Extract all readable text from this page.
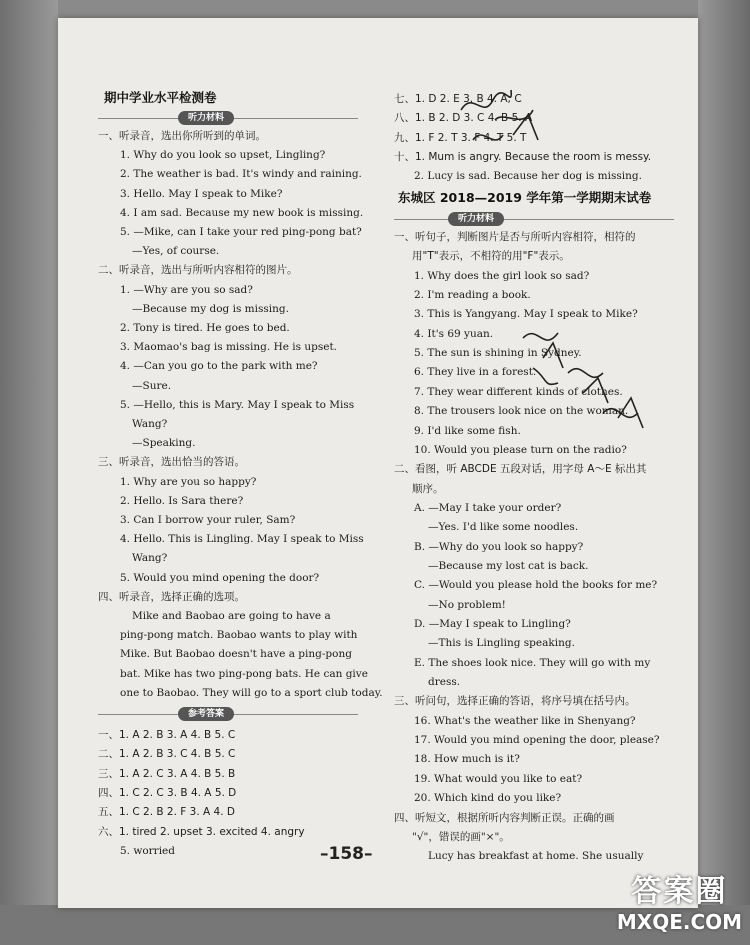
期中学业水平检测卷
听力材料
一、听录音，选出你所听到的单词。
1. Why do you look so upset, Lingling?
2. The weather is bad. It's windy and raining.
3. Hello. May I speak to Mike?
4. I am sad. Because my new book is missing.
5. —Mike, can I take your red ping-pong bat?
—Yes, of course.
二、听录音，选出与所听内容相符的图片。
1. —Why are you so sad?
—Because my dog is missing.
2. Tony is tired. He goes to bed.
3. Maomao's bag is missing. He is upset.
4. —Can you go to the park with me?
—Sure.
5. —Hello, this is Mary. May I speak to Miss
Wang?
—Speaking.
三、听录音，选出恰当的答语。
1. Why are you so happy?
2. Hello. Is Sara there?
3. Can I borrow your ruler, Sam?
4. Hello. This is Lingling. May I speak to Miss
Wang?
5. Would you mind opening the door?
四、听录音，选择正确的选项。
Mike and Baobao are going to have a
ping-pong match. Baobao wants to play with
Mike. But Baobao doesn't have a ping-pong
bat. Mike has two ping-pong bats. He can give
one to Baobao. They will go to a sport club today.
参考答案
一、1. A 2. B 3. A 4. B 5. C
二、1. A 2. B 3. C 4. B 5. C
三、1. A 2. C 3. A 4. B 5. B
四、1. C 2. C 3. B 4. A 5. D
五、1. C 2. B 2. F 3. A 4. D
六、1. tired 2. upset 3. excited 4. angry
5. worried
七、1. D 2. E 3. B 4. A; C
八、1. B 2. D 3. C 4. B 5. A
九、1. F 2. T 3. F 4. T 5. T
十、1. Mum is angry. Because the room is messy.
2. Lucy is sad. Because her dog is missing.
东城区 2018—2019 学年第一学期期末试卷
听力材料
一、听句子，判断图片是否与所听内容相符，相符的
用"T"表示，不相符的用"F"表示。
1. Why does the girl look so sad?
2. I'm reading a book.
3. This is Yangyang. May I speak to Mike?
4. It's 69 yuan.
5. The sun is shining in Sydney.
6. They live in a forest.
7. They wear different kinds of clothes.
8. The trousers look nice on the woman.
9. I'd like some fish.
10. Would you please turn on the radio?
二、看图，听 ABCDE 五段对话，用字母 A～E 标出其
顺序。
A. —May I take your order?
—Yes. I'd like some noodles.
B. —Why do you look so happy?
—Because my lost cat is back.
C. —Would you please hold the books for me?
—No problem!
D. —May I speak to Lingling?
—This is Lingling speaking.
E. The shoes look nice. They will go with my
dress.
三、听问句，选择正确的答语，将序号填在括号内。
16. What's the weather like in Shenyang?
17. Would you mind opening the door, please?
18. How much is it?
19. What would you like to eat?
20. Which kind do you like?
四、听短文，根据所听内容判断正误。正确的画
"√"，错误的画"×"。
Lucy has breakfast at home. She usually
–158–
答案圈
MXQE.COM
